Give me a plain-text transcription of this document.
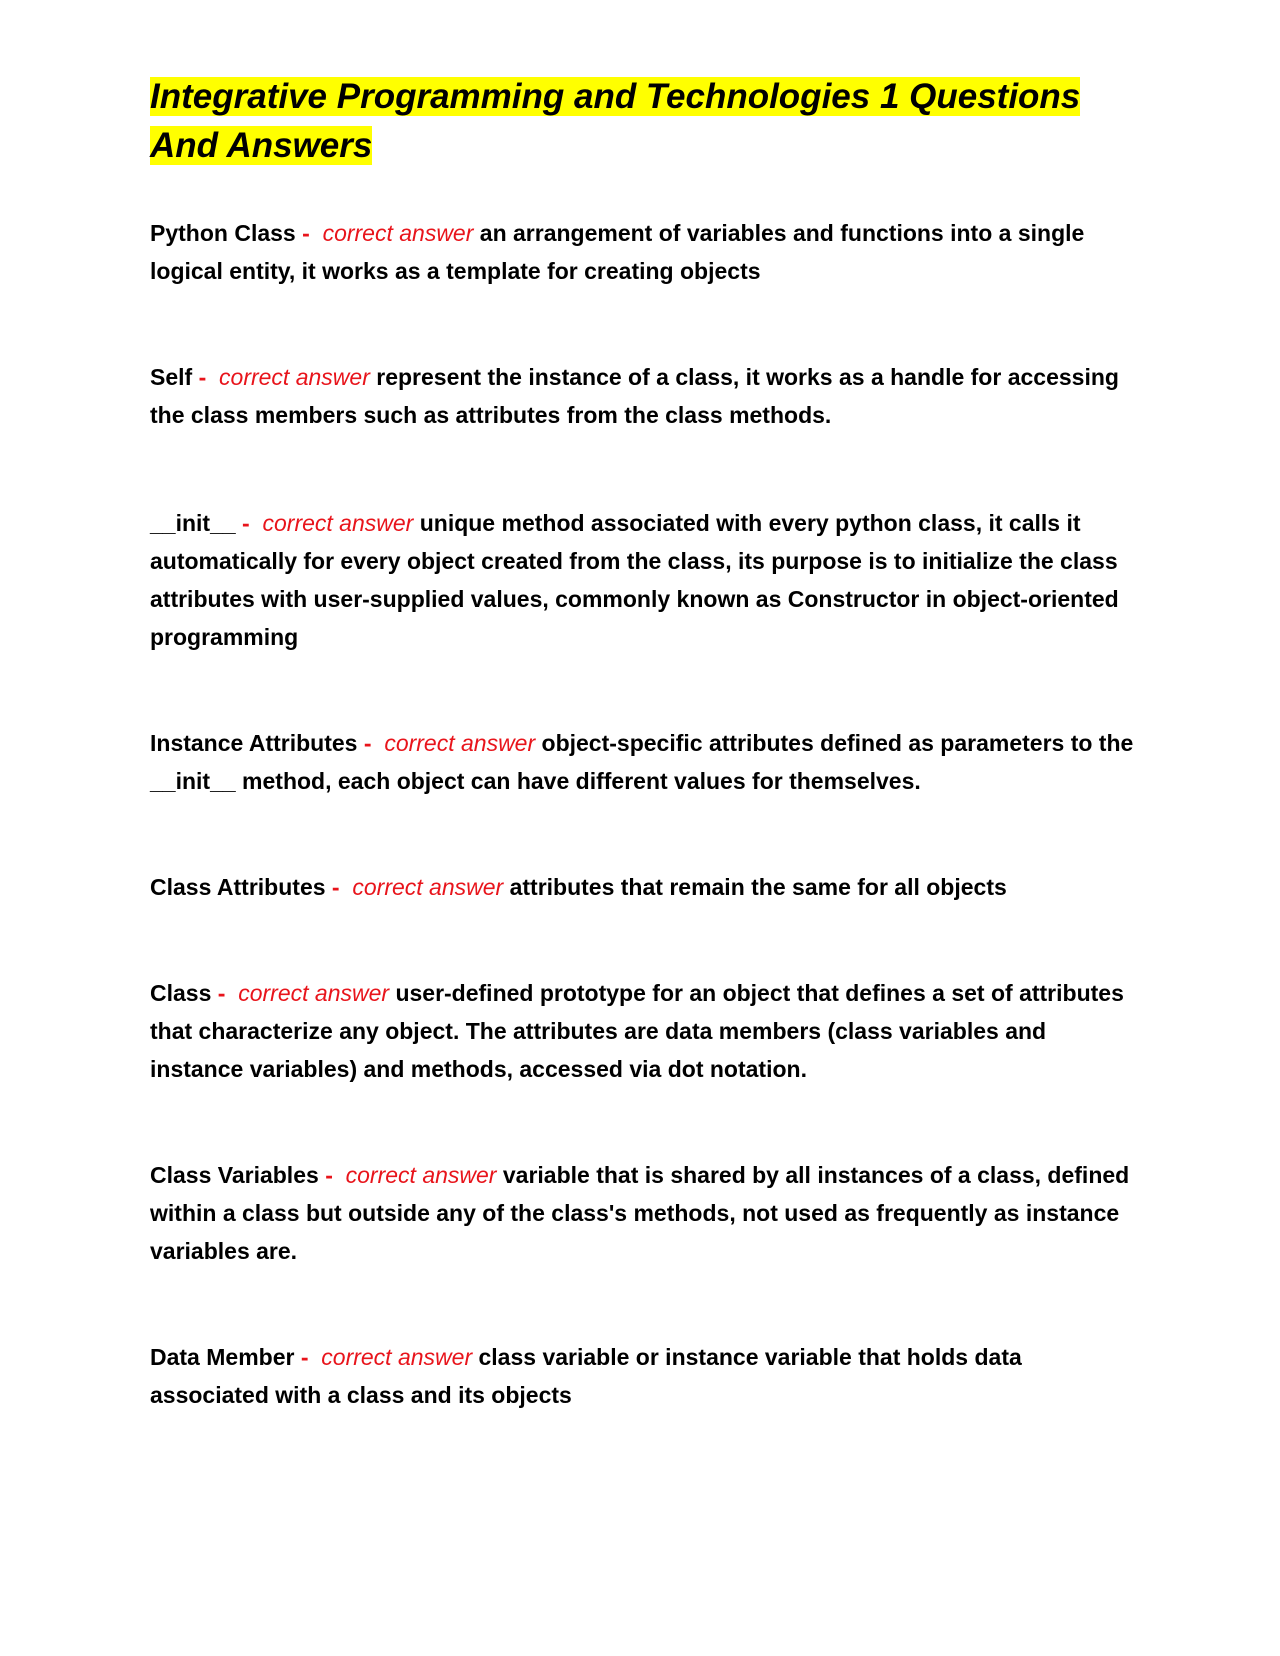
Integrative Programming and Technologies 1 Questions And Answers

Python Class - correct answer an arrangement of variables and functions into a single logical entity, it works as a template for creating objects

Self - correct answer represent the instance of a class, it works as a handle for accessing the class members such as attributes from the class methods.

__init__ - correct answer unique method associated with every python class, it calls it automatically for every object created from the class, its purpose is to initialize the class attributes with user-supplied values, commonly known as Constructor in object-oriented programming

Instance Attributes - correct answer object-specific attributes defined as parameters to the __init__ method, each object can have different values for themselves.

Class Attributes - correct answer attributes that remain the same for all objects

Class - correct answer user-defined prototype for an object that defines a set of attributes that characterize any object. The attributes are data members (class variables and instance variables) and methods, accessed via dot notation.

Class Variables - correct answer variable that is shared by all instances of a class, defined within a class but outside any of the class's methods, not used as frequently as instance variables are.

Data Member - correct answer class variable or instance variable that holds data associated with a class and its objects
